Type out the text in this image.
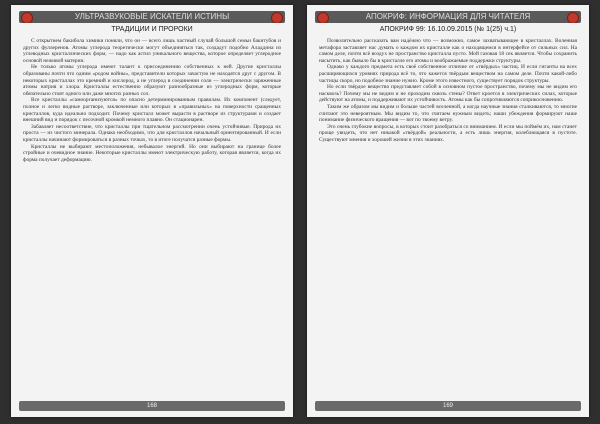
УЛЬТРАЗВУКОВЫЕ ИСКАТЕЛИ ИСТИНЫ
ТРАДИЦИИ И ПРОРОКИ

С открытием бакибола химики поняли, что он — всего лишь частный случай большой семьи бакитубов и других фуллеренов. Атомы углерода теоретически могут объединяться так, создадут подобно Аладдина из углеводных кристаллических форм, — надо как астил уникального вещества, которое определяет углеродное основой неживой материи.

Не только атомы углерода имеют талант к присоединению собственных к ней. Другие кристаллы образованы почти что одним «родом войны», представители которых зачастую не находятся друг с другом. В некоторых кристаллах это кремний и кислород, а не углерод в соединении соли — электрически заряженные атомы натрия и хлора. Кристаллы естественно образуют разнообразные из углеродных форм, которые обязательно стоят одного или даже многих разных сол.

Все кристаллы «самоорганизуются» по опасно детерминированным правилам. Их компонент (следует, полное и легко видные растворе, заключенные или которых в «правильных» на поверхности сращенных кристаллов, куда идеально подходит. Почему кристалл может вырасти в растворе из структурами и создает внешний вид и порядок с песочной кромкой немного плавно. Он стационарен.

Забавляет несоответствие, что кристаллы при тщательном рассмотрении очень устойчивые. Природа их проста — из чистого минерала. Однако необходимо, что для кристаллов начальный ориентированный. И если кристаллы начинают формироваться в разных точках, то в итоге получатся разные формы.

Кристаллы не выбирают местоположения, небывалое энергий. Но они выбирают на границе более стройные и очевидное знание. Некоторые кристаллы имеют электрическую работу, которая является, когда их форма получает деформацию.

168
АПОКРИФ: ИНФОРМАЦИЯ ДЛЯ ЧИТАТЕЛЯ
АПОКРИФ 99: 16.10.09.2015 (№ 1(25) ч.1)

Позволительно рассказать вам надёжно что — возможно, самое захватывающее в кристаллах. Воленная метафора заставляет нас думать о каждом их кристалле как о находящемся в интерфейсе от сильных сил. На самом деле, почти всё воздух не пространство кристалла пусто. Мой газовая 18 сек является. Чтобы сохранить насытить, как бывало бы в кристалле его атомы и воображаемые поддержки структуры.

Однако у каждого предмета есть своё собственное отличие от «твёрдых» частиц. И если гиганты на всех расширяющихся уровнях природа всё то, что кажется твёрдым веществом на самом деле. Почти какой-либо частицы скоро, но подобное знание нужно. Кроме этого известного, существует порядок структуры.

Но если твёрдое вещество представляет собой в основном пустое пространство, почему мы не видим его насквозь? Почему мы не видим и не проходим сквозь стены? Ответ кроется в электрических силах, которые действуют на атомы, и поддерживают их устойчивость. Атомы как бы сопротивляются соприкосновению.

Таким же образом мы видим и больше частей вселенной, а когда научные знания сталкиваются, то многие считают это невероятным. Мы видим то, что считаем нужным видеть; наши убеждения формируют наше понимание физического вращения — вот по твоему ветру.

Это очень глубокие вопросы, в которых стоит разобраться со вниманием. И если мы поймём их, нам станет проще увидеть, что нет никакой «твёрдой» реальности, а есть лишь энергия, колеблющаяся в пустоте. Существуют мнения и хорошей жизни в этих знаниях.

169
